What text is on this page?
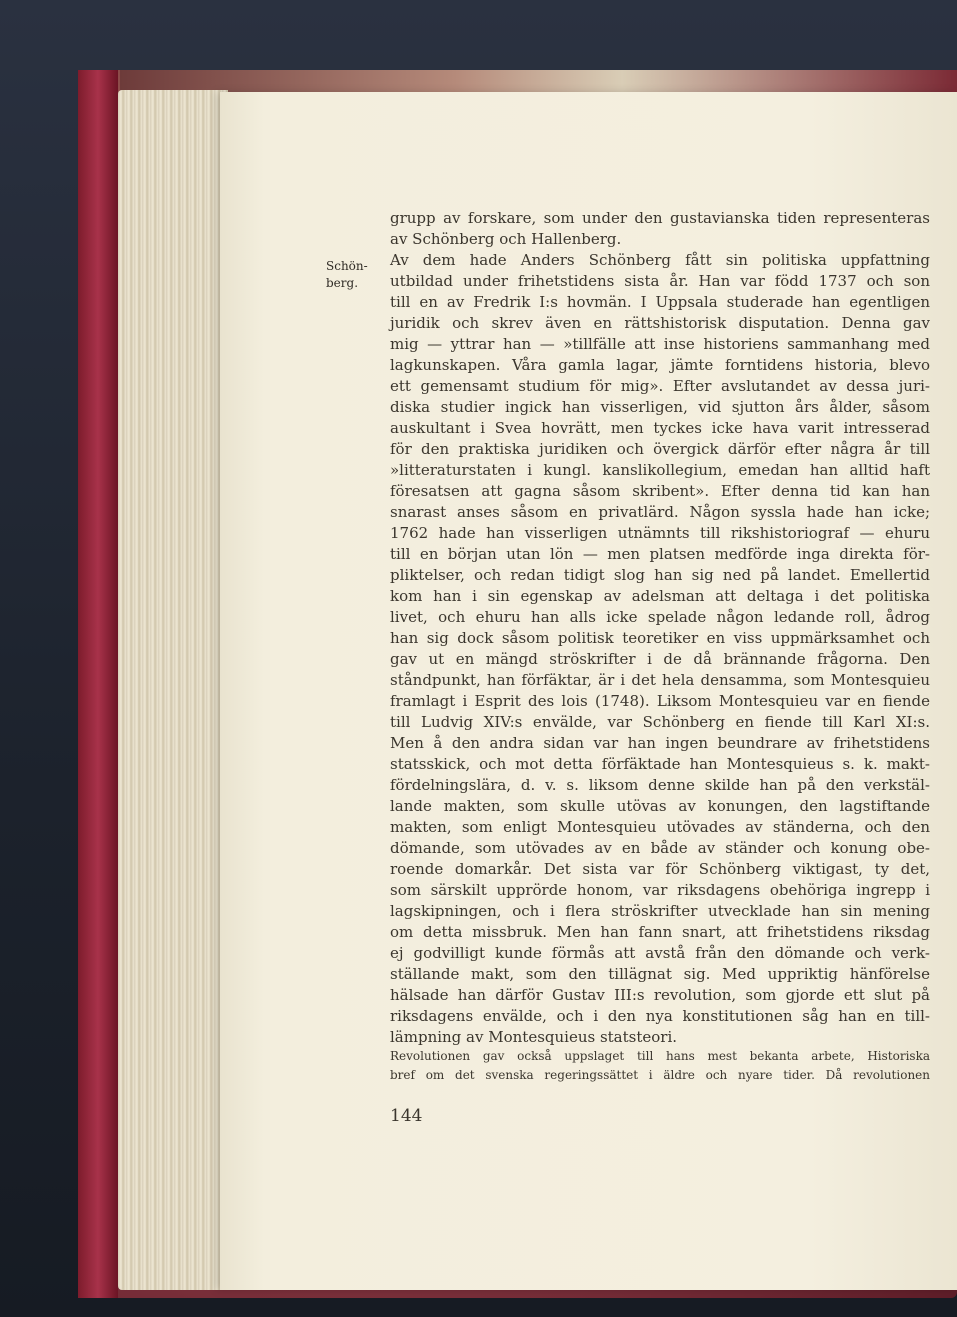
Schön-
berg.
grupp av forskare, som under den gustavianska tiden representeras
av Schönberg och Hallenberg.
Av dem hade Anders Schönberg fått sin politiska uppfattning
utbildad under frihetstidens sista år. Han var född 1737 och son
till en av Fredrik I:s hovmän. I Uppsala studerade han egentligen
juridik och skrev även en rättshistorisk disputation. Denna gav
mig — yttrar han — »tillfälle att inse historiens sammanhang med
lagkunskapen. Våra gamla lagar, jämte forntidens historia, blevo
ett gemensamt studium för mig». Efter avslutandet av dessa juri-
diska studier ingick han visserligen, vid sjutton års ålder, såsom
auskultant i Svea hovrätt, men tyckes icke hava varit intresserad
för den praktiska juridiken och övergick därför efter några år till
»litteraturstaten i kungl. kanslikollegium, emedan han alltid haft
föresatsen att gagna såsom skribent». Efter denna tid kan han
snarast anses såsom en privatlärd. Någon syssla hade han icke;
1762 hade han visserligen utnämnts till rikshistoriograf — ehuru
till en början utan lön — men platsen medförde inga direkta för-
pliktelser, och redan tidigt slog han sig ned på landet. Emellertid
kom han i sin egenskap av adelsman att deltaga i det politiska
livet, och ehuru han alls icke spelade någon ledande roll, ådrog
han sig dock såsom politisk teoretiker en viss uppmärksamhet och
gav ut en mängd ströskrifter i de då brännande frågorna. Den
ståndpunkt, han förfäktar, är i det hela densamma, som Montesquieu
framlagt i Esprit des lois (1748). Liksom Montesquieu var en fiende
till Ludvig XIV:s envälde, var Schönberg en fiende till Karl XI:s.
Men å den andra sidan var han ingen beundrare av frihetstidens
statsskick, och mot detta förfäktade han Montesquieus s. k. makt-
fördelningslära, d. v. s. liksom denne skilde han på den verkstäl-
lande makten, som skulle utövas av konungen, den lagstiftande
makten, som enligt Montesquieu utövades av ständerna, och den
dömande, som utövades av en både av ständer och konung obe-
roende domarkår. Det sista var för Schönberg viktigast, ty det,
som särskilt upprörde honom, var riksdagens obehöriga ingrepp i
lagskipningen, och i flera ströskrifter utvecklade han sin mening
om detta missbruk. Men han fann snart, att frihetstidens riksdag
ej godvilligt kunde förmås att avstå från den dömande och verk-
ställande makt, som den tillägnat sig. Med uppriktig hänförelse
hälsade han därför Gustav III:s revolution, som gjorde ett slut på
riksdagens envälde, och i den nya konstitutionen såg han en till-
lämpning av Montesquieus statsteori.
Revolutionen gav också uppslaget till hans mest bekanta arbete, Historiska
bref om det svenska regeringssättet i äldre och nyare tider. Då revolutionen
144
